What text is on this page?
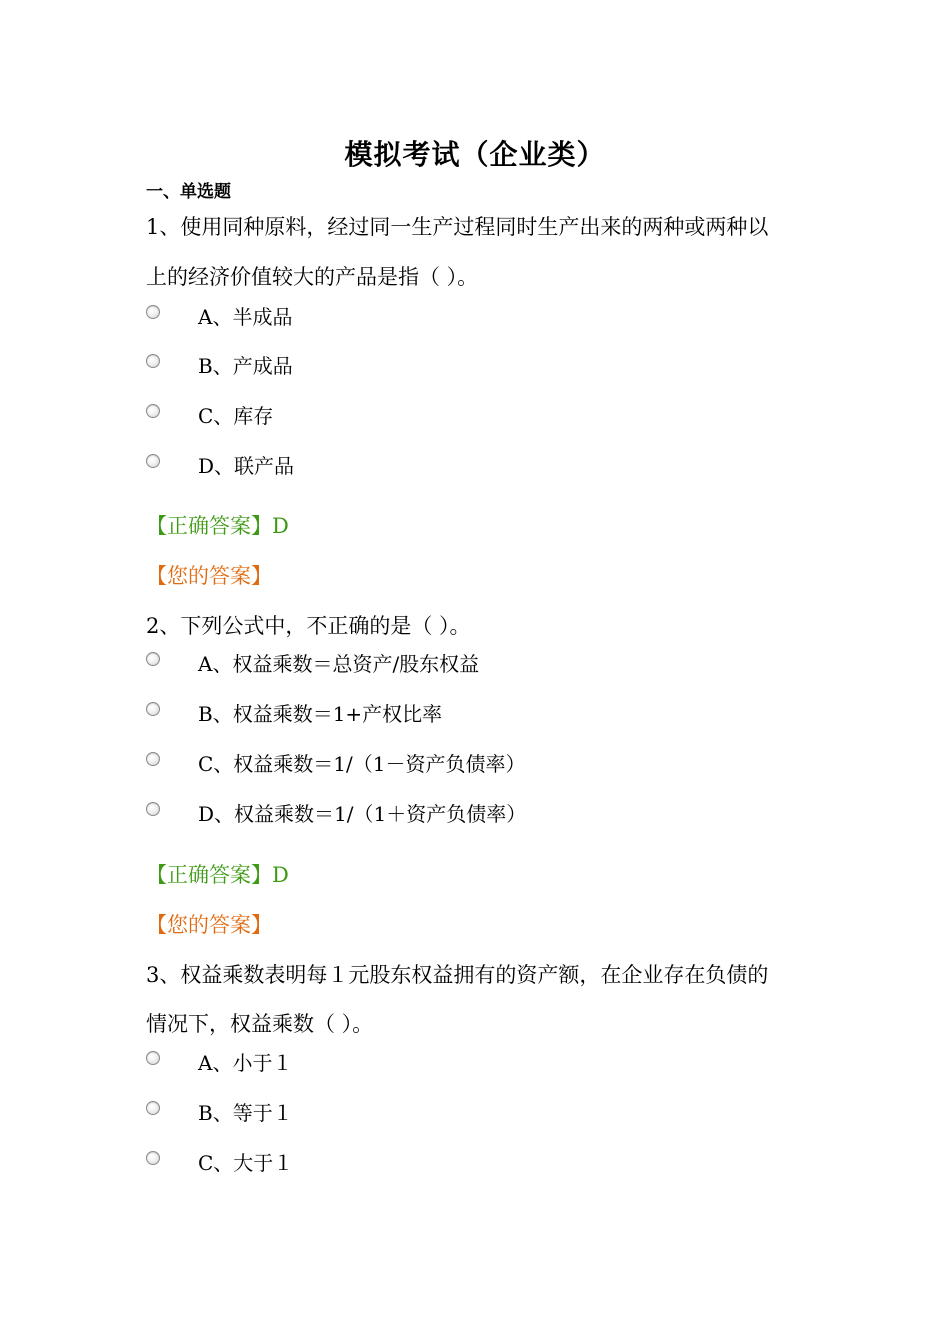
模拟考试（企业类）
一、单选题
1、使用同种原料，经过同一生产过程同时生产出来的两种或两种以
上的经济价值较大的产品是指（ ）。
A、半成品
B、产成品
C、库存
D、联产品
【正确答案】D
【您的答案】
2、下列公式中，不正确的是（ ）。
A、权益乘数＝总资产/股东权益
B、权益乘数＝1+产权比率
C、权益乘数＝1/（1－资产负债率）
D、权益乘数＝1/（1＋资产负债率）
【正确答案】D
【您的答案】
3、权益乘数表明每１元股东权益拥有的资产额，在企业存在负债的
情况下，权益乘数（ ）。
A、小于１
B、等于１
C、大于１
